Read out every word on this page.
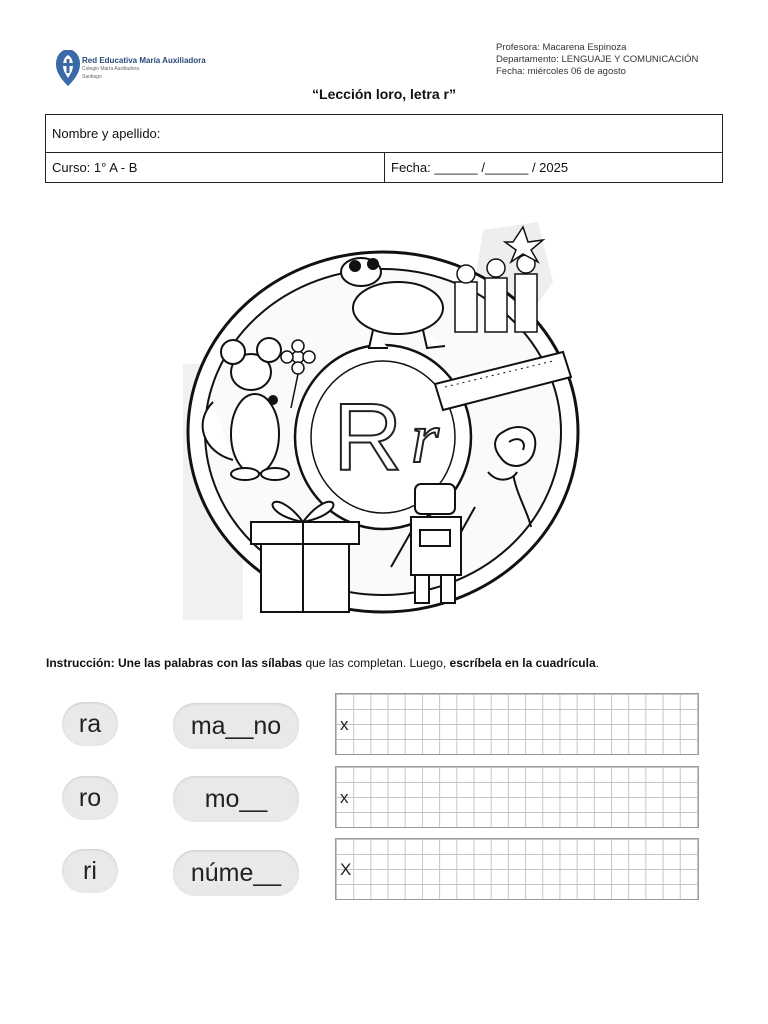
Red Educativa María Auxiliadora
Colegio María Auxiliadora
Santiago
Profesora: Macarena Espinoza
Departamento: LENGUAJE Y COMUNICACIÓN
Fecha: miércoles 06 de agosto
“Lección loro, letra r”
Nombre y apellido:
Curso: 1° A - B	Fecha: ______ /______ / 2025
R r
Instrucción: Une las palabras con las sílabas que las completan. Luego, escríbela en la cuadrícula.
ra	ma__no	x
ro	mo__	x
ri	núme__	X
